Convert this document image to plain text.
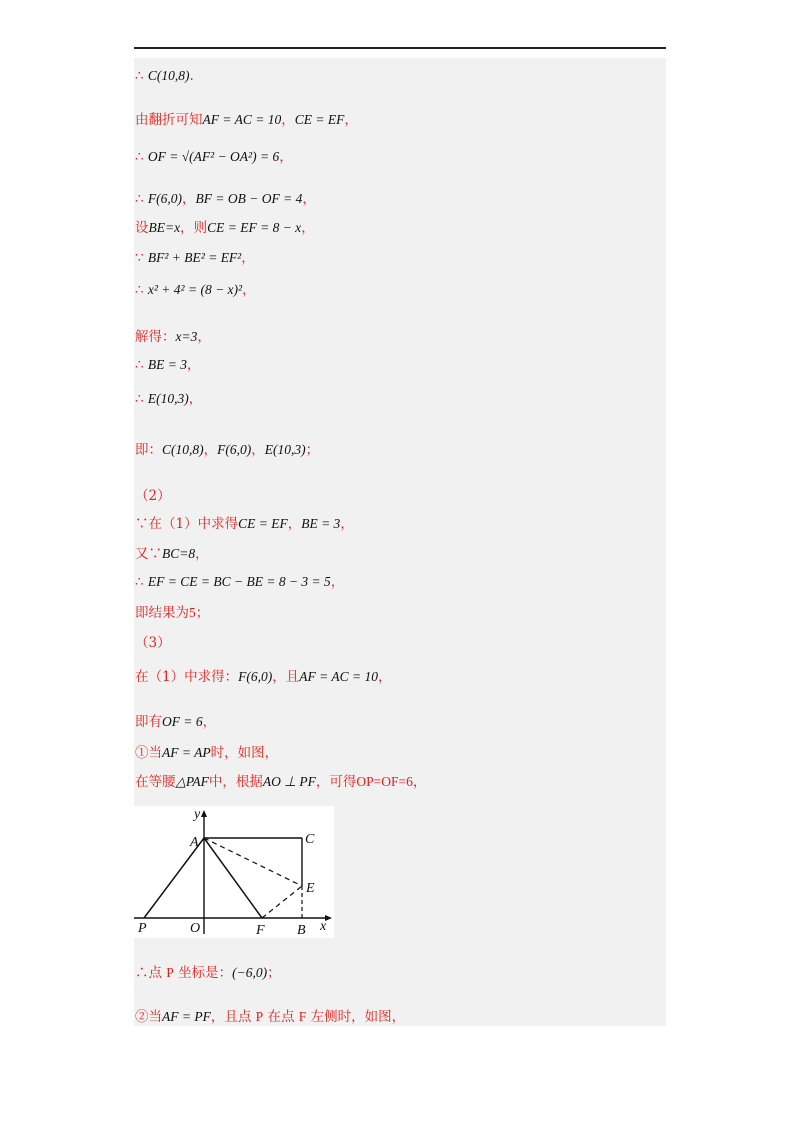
∴ C(10,8).
由翻折可知AF = AC = 10，CE = EF，
∴ OF = √(AF² − OA²) = 6，
∴ F(6,0)，BF = OB − OF = 4，
设BE=x，则CE = EF = 8 − x，
∵ BF² + BE² = EF²，
∴ x² + 4² = (8 − x)²，
解得：x=3，
∴ BE = 3，
∴ E(10,3)，
即：C(10,8)，F(6,0)，E(10,3)；
（2）
∵在（1）中求得CE = EF，BE = 3，
又∵BC=8，
∴ EF = CE = BC − BE = 8 − 3 = 5，
即结果为5；
（3）
在（1）中求得：F(6,0)，且AF = AC = 10，
即有OF = 6，
①当AF = AP时，如图，
在等腰△PAF中，根据AO ⊥ PF，可得OP=OF=6，
∴点 P 坐标是：(−6,0)；
②当AF = PF，且点 P 在点 F 左侧时，如图，
y
A	C
E
P	O	F B x
